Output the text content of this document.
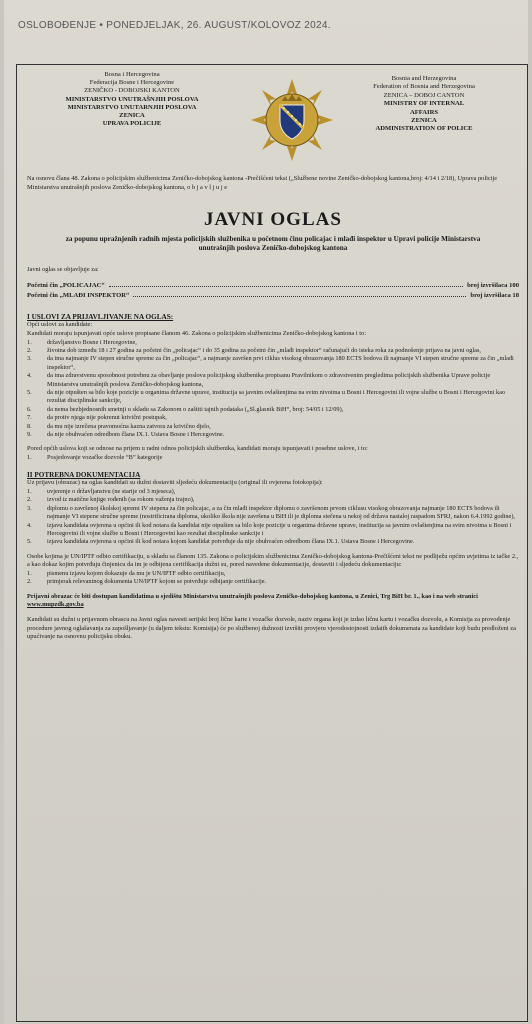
OSLOBOĐENJE • PONEDJELJAK, 26. AUGUST/KOLOVOZ 2024.
Bosna i Hercegovina
Federacija Bosne i Hercegovine
ZENIČKO - DOBOJSKI KANTON
MINISTARSTVO UNUTRAŠNJIH POSLOVA
MINISTARSTVO UNUTARNJIH POSLOVA
ZENICA
UPRAVA POLICIJE
Bosnia and Herzegovina
Federation of Bosnia and Herzegovina
ZENICA – DOBOJ CANTON
MINISTRY OF INTERNAL
AFFAIRS
ZENICA
ADMINISTRATION OF POLICE
Na osnovu člana 48. Zakona o policijskim službenicima Zeničko-dobojskog kantona -Prečišćeni tekst („Službene novine Zeničko-dobojskog kantona,broj: 4/14 i 2/18), Uprava policije Ministarstva unutrašnjih poslova Zeničko-dobojskog kantona, o b j a v l j u j e
JAVNI OGLAS
za popunu upražnjenih radnih mjesta policijskih službenika u početnom činu policajac i mlađi inspektor u Upravi policije Ministarstva unutrašnjih poslova Zeničko-dobojskog kantona
Javni oglas se objavljuje za:
Početni čin „POLICAJAC“	broj izvršilaca 100
Početni čin „MLAĐI INSPEKTOR“	broj izvršilaca 18
I USLOVI ZA PRIJAVLJIVANJE NA OGLAS:
Opći uslovi za kandidate:
Kandidati moraju ispunjavati opće uslove propisane članom 46. Zakona o policijskim službenicima Zeničko-dobojskog kantona i to:
1.	državljanstvo Bosne i Hercegovine,
2.	životna dob između 18 i 27 godina za početni čin „policajac“ i do 35 godina za početni čin „mlađi inspektor“ računajući do isteka roka za podnošenje prijava na javni oglas,
3.	da ima najmanje IV stepen stručne spreme za čin „policajac“, a najmanje završen prvi ciklus visokog obrazovanja 180 ECTS bodova ili najmanje VI stepen stručne spreme za čin „mlađi inspektor“,
4.	da ima zdravstvenu sposobnost potrebnu za obavljanje poslova policijskog službenika propisanu Pravilnikom o zdravstvenim pregledima policijskih službenika Uprave policije Ministarstva unutrašnjih poslova Zeničko-dobojskog kantona,
5.	da nije otpušten sa bilo koje pozicije u organima državne uprave, institucija sa javnim ovlaštenjima na svim nivoima u Bosni i Hercegovini ili vojne službe u Bosni i Hercegovini kao rezultat disciplinske sankcije,
6.	da nema bezbjednosnih smetnji u skladu sa Zakonom o zaštiti tajnih podataka („Sl.glasnik BiH“, broj: 54/05 i 12/09),
7.	da protiv njega nije pokrenut krivični postupak,
8.	da mu nije izrečena pravomoćna kazna zatvora za krivično djelo,
9.	da nije obuhvaćen odredbom člana IX.1. Ustava Bosne i Hercegovine.
Pored općih uslova koji se odnose na prijem u radni odnos policijskih službenika, kandidati moraju ispunjavati i posebne uslove, i to:
1.	Posjedovanje vozačke dozvole “B” kategorije
II POTREBNA DOKUMENTACIJA
Uz prijavu (obrazac) na oglas kandidati su dužni dostaviti sljedeću dokumentaciju (original ili ovjerena fotokopija):
1.	uvjerenje o državljanstvu (ne starije od 3 mjeseca),
2.	izvod iz matične knjige rođenih (sa rokom važenja trajno),
3.	diplomu o završenoj školskoj spremi IV stepena za čin policajac, a za čin mlađi inspektor diplomu o završenom prvom ciklusu visokog obrazovanja najmanje 180 ECTS bodova ili najmanje VI stepene stručne spreme (nostrificirana diploma, ukoliko škola nije završena u BiH ili je diploma stečena u nekoj od država nastaloj raspadom SFRJ, nakon 6.4.1992 godine),
4.	izjavu kandidata ovjerena u općini ili kod notara da kandidat nije otpušten sa bilo koje pozicije u organima državne uprave, institucija sa javnim ovlaštenjima na svim nivoima u Bosni i Hercegovini ili vojne službe u Bosni i Hercegovini kao rezultat disciplinske sankcije i
5.	izjavu kandidata ovjerena u općini ili kod notara kojom kandidat potvrđuje da nije obuhvaćen odredbom člana IX.1. Ustava Bosne i Hercegovine.
Osobe kojima je UN/IPTF odbio certifikaciju, u skladu sa članom 135. Zakona o policijskim službenicima Zeničko-dobojskog kantona-Prečišćeni tekst ne podliježu općim uvjetima iz tačke 2., a kao dokaz kojim potvrđuju činjenicu da im je odbijena certifikacija dužni su, pored navedene dokumentacije, dostaviti i sljedeću dokumentaciju:
1.	pismenu izjavu kojom dokazuje da mu je UN/IPTF odbio certifikaciju,
2.	primjerak relevantnog dokumenta UN/IPTF kojom se potvrđuje odbijanje certifikacije.
Prijavni obrazac će biti dostupan kandidatima u sjedištu Ministarstva unutrašnjih poslova Zeničko-dobojskog kantona, u Zenici, Trg BiH br. 1., kao i na web stranici www.mupzdk.gov.ba
Kandidati su dužni u prijavnom obrascu na Javni oglas navesti serijski broj lične karte i vozačke dozvole, naziv organa koji je izdao ličnu kartu i vozačku dozvolu, a Komisija za provođenje procedure javnog oglašavanja za zapošljavanje (u daljem tekstu: Komisija) će po službenoj dužnosti izvršiti provjeru vjerodostojnosti izdatih dokumenata za kandidate koji budu predloženi za upućivanje na osnovnu policijsku obuku.
